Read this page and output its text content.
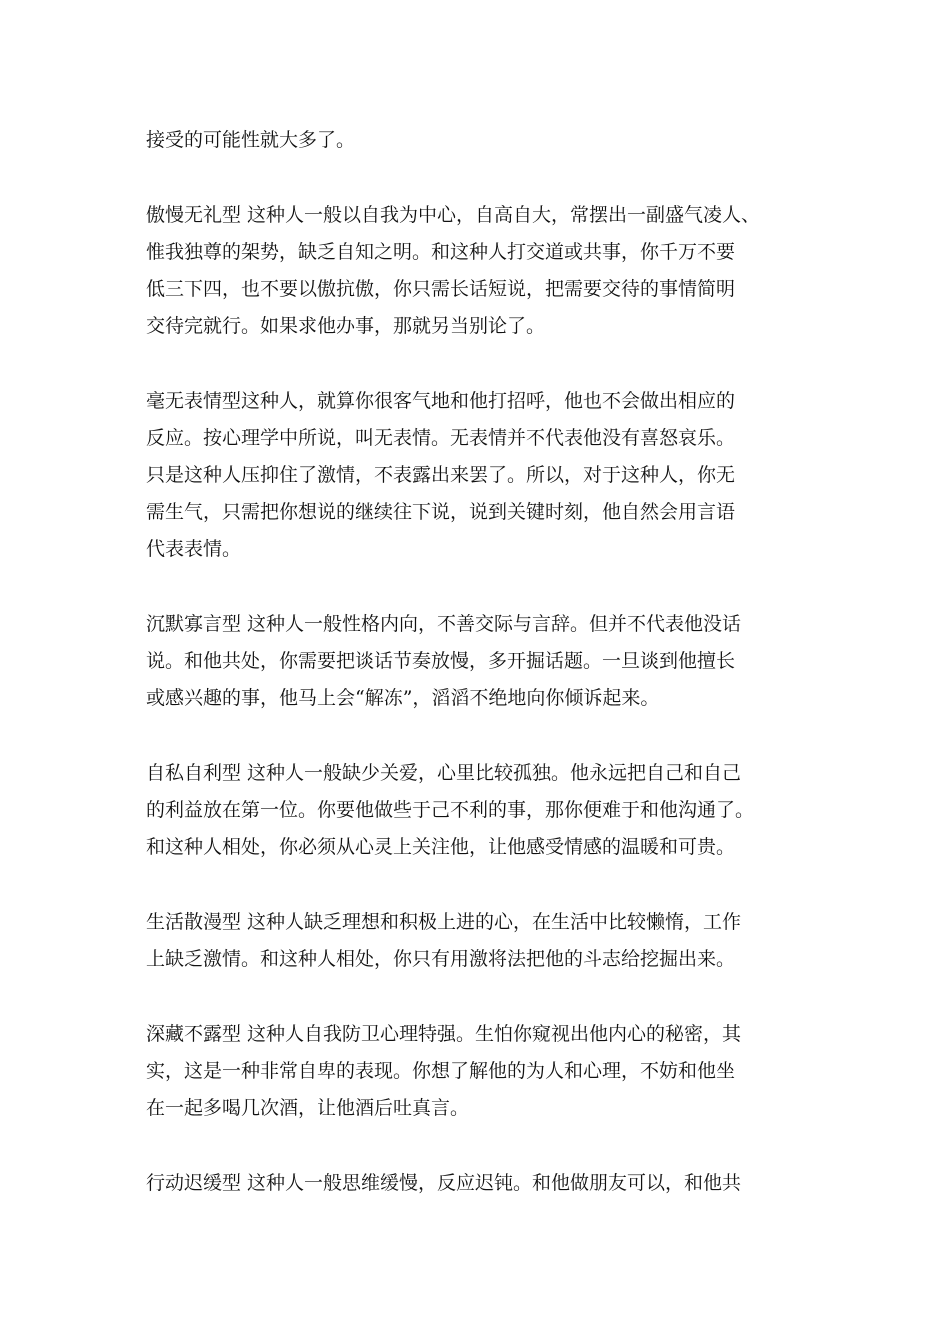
接受的可能性就大多了。

傲慢无礼型 这种人一般以自我为中心，自高自大，常摆出一副盛气凌人、
惟我独尊的架势，缺乏自知之明。和这种人打交道或共事，你千万不要
低三下四，也不要以傲抗傲，你只需长话短说，把需要交待的事情简明
交待完就行。如果求他办事，那就另当别论了。

毫无表情型这种人，就算你很客气地和他打招呼，他也不会做出相应的
反应。按心理学中所说，叫无表情。无表情并不代表他没有喜怒哀乐。
只是这种人压抑住了激情，不表露出来罢了。所以，对于这种人，你无
需生气，只需把你想说的继续往下说，说到关键时刻，他自然会用言语
代表表情。

沉默寡言型 这种人一般性格内向，不善交际与言辞。但并不代表他没话
说。和他共处，你需要把谈话节奏放慢，多开掘话题。一旦谈到他擅长
或感兴趣的事，他马上会“解冻”，滔滔不绝地向你倾诉起来。

自私自利型 这种人一般缺少关爱，心里比较孤独。他永远把自己和自己
的利益放在第一位。你要他做些于己不利的事，那你便难于和他沟通了。
和这种人相处，你必须从心灵上关注他，让他感受情感的温暖和可贵。

生活散漫型 这种人缺乏理想和积极上进的心，在生活中比较懒惰，工作
上缺乏激情。和这种人相处，你只有用激将法把他的斗志给挖掘出来。

深藏不露型 这种人自我防卫心理特强。生怕你窥视出他内心的秘密，其
实，这是一种非常自卑的表现。你想了解他的为人和心理，不妨和他坐
在一起多喝几次酒，让他酒后吐真言。

行动迟缓型 这种人一般思维缓慢，反应迟钝。和他做朋友可以，和他共
